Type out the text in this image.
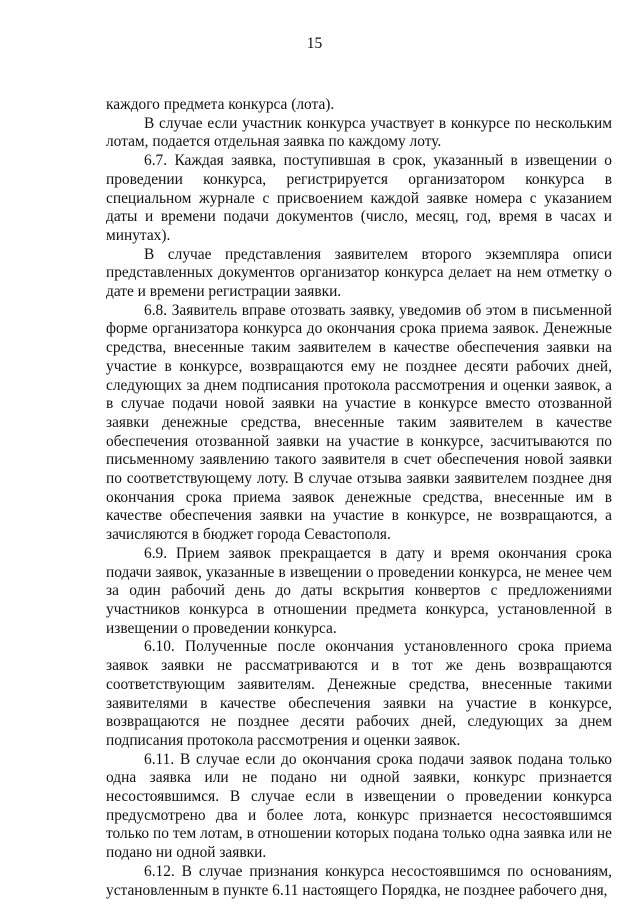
15

каждого предмета конкурса (лота).

В случае если участник конкурса участвует в конкурсе по нескольким лотам, подается отдельная заявка по каждому лоту.

6.7. Каждая заявка, поступившая в срок, указанный в извещении о проведении конкурса, регистрируется организатором конкурса в специальном журнале с присвоением каждой заявке номера с указанием даты и времени подачи документов (число, месяц, год, время в часах и минутах).

В случае представления заявителем второго экземпляра описи представленных документов организатор конкурса делает на нем отметку о дате и времени регистрации заявки.

6.8. Заявитель вправе отозвать заявку, уведомив об этом в письменной форме организатора конкурса до окончания срока приема заявок. Денежные средства, внесенные таким заявителем в качестве обеспечения заявки на участие в конкурсе, возвращаются ему не позднее десяти рабочих дней, следующих за днем подписания протокола рассмотрения и оценки заявок, а в случае подачи новой заявки на участие в конкурсе вместо отозванной заявки денежные средства, внесенные таким заявителем в качестве обеспечения отозванной заявки на участие в конкурсе, засчитываются по письменному заявлению такого заявителя в счет обеспечения новой заявки по соответствующему лоту. В случае отзыва заявки заявителем позднее дня окончания срока приема заявок денежные средства, внесенные им в качестве обеспечения заявки на участие в конкурсе, не возвращаются, а зачисляются в бюджет города Севастополя.

6.9. Прием заявок прекращается в дату и время окончания срока подачи заявок, указанные в извещении о проведении конкурса, не менее чем за один рабочий день до даты вскрытия конвертов с предложениями участников конкурса в отношении предмета конкурса, установленной в извещении о проведении конкурса.

6.10. Полученные после окончания установленного срока приема заявок заявки не рассматриваются и в тот же день возвращаются соответствующим заявителям. Денежные средства, внесенные такими заявителями в качестве обеспечения заявки на участие в конкурсе, возвращаются не позднее десяти рабочих дней, следующих за днем подписания протокола рассмотрения и оценки заявок.

6.11. В случае если до окончания срока подачи заявок подана только одна заявка или не подано ни одной заявки, конкурс признается несостоявшимся. В случае если в извещении о проведении конкурса предусмотрено два и более лота, конкурс признается несостоявшимся только по тем лотам, в отношении которых подана только одна заявка или не подано ни одной заявки.

6.12. В случае признания конкурса несостоявшимся по основаниям, установленным в пункте 6.11 настоящего Порядка, не позднее рабочего дня,
